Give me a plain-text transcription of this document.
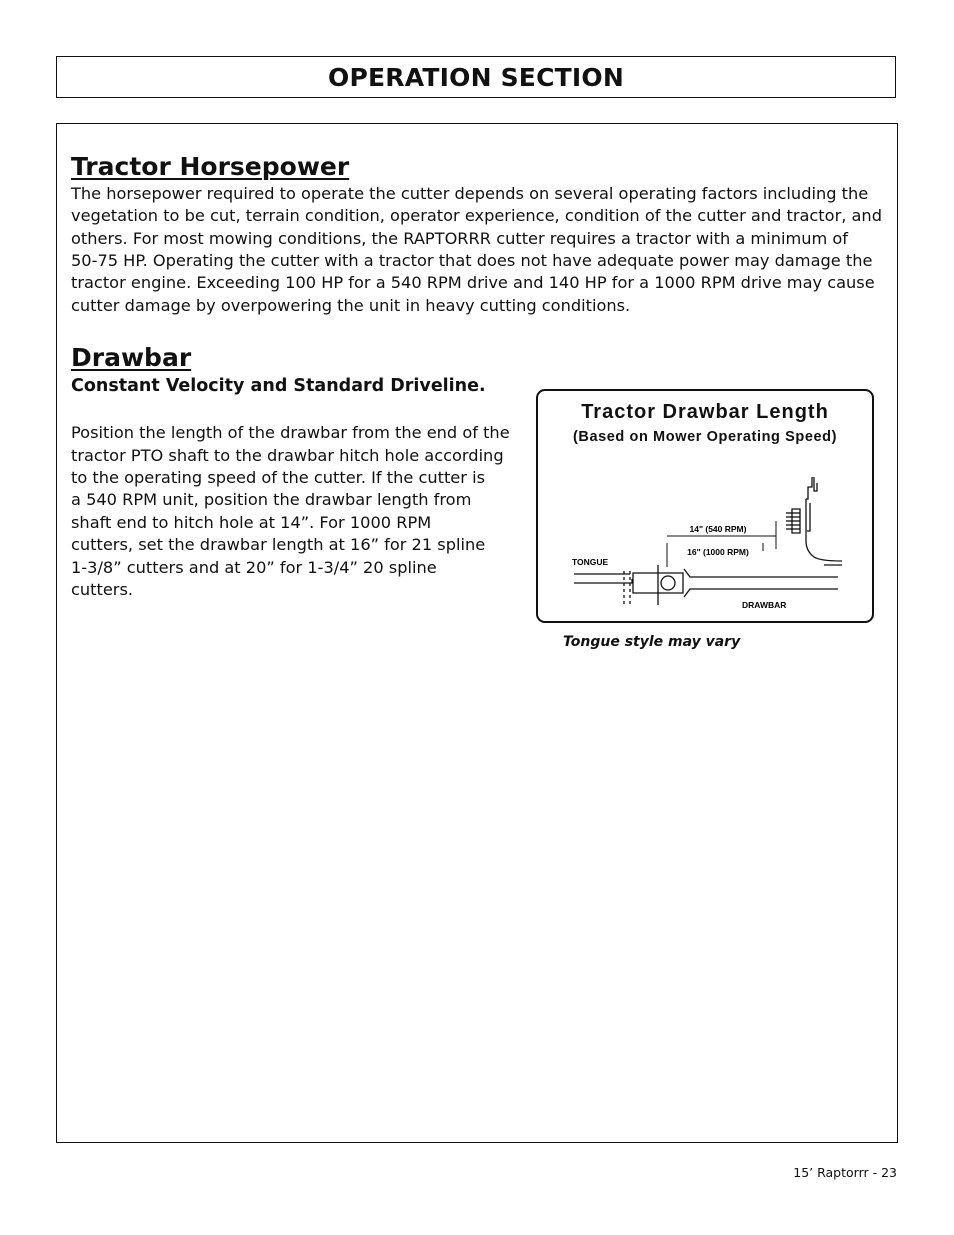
OPERATION SECTION
Tractor Horsepower

The horsepower required to operate the cutter depends on several operating factors including the

vegetation to be cut, terrain condition, operator experience, condition of the cutter and tractor, and

others. For most mowing conditions, the RAPTORRR cutter requires a tractor with a minimum of

50-75 HP. Operating the cutter with a tractor that does not have adequate power may damage the

tractor engine. Exceeding 100 HP for a 540 RPM drive and 140 HP for a 1000 RPM drive may cause

cutter damage by overpowering the unit in heavy cutting conditions.

Drawbar
Constant Velocity and Standard Driveline.

Position the length of the drawbar from the end of the

tractor PTO shaft to the drawbar hitch hole according

to the operating speed of the cutter. If the cutter is

a 540 RPM unit, position the drawbar length from

shaft end to hitch hole at 14”. For 1000 RPM

cutters, set the drawbar length at 16” for 21 spline

1-3/8” cutters and at 20” for 1-3/4” 20 spline

cutters.

Tractor Drawbar Length
(Based on Mower Operating Speed)
14" (540 RPM)
16" (1000 RPM)
TONGUE
DRAWBAR
Tongue style may vary
15’ Raptorrr - 23
